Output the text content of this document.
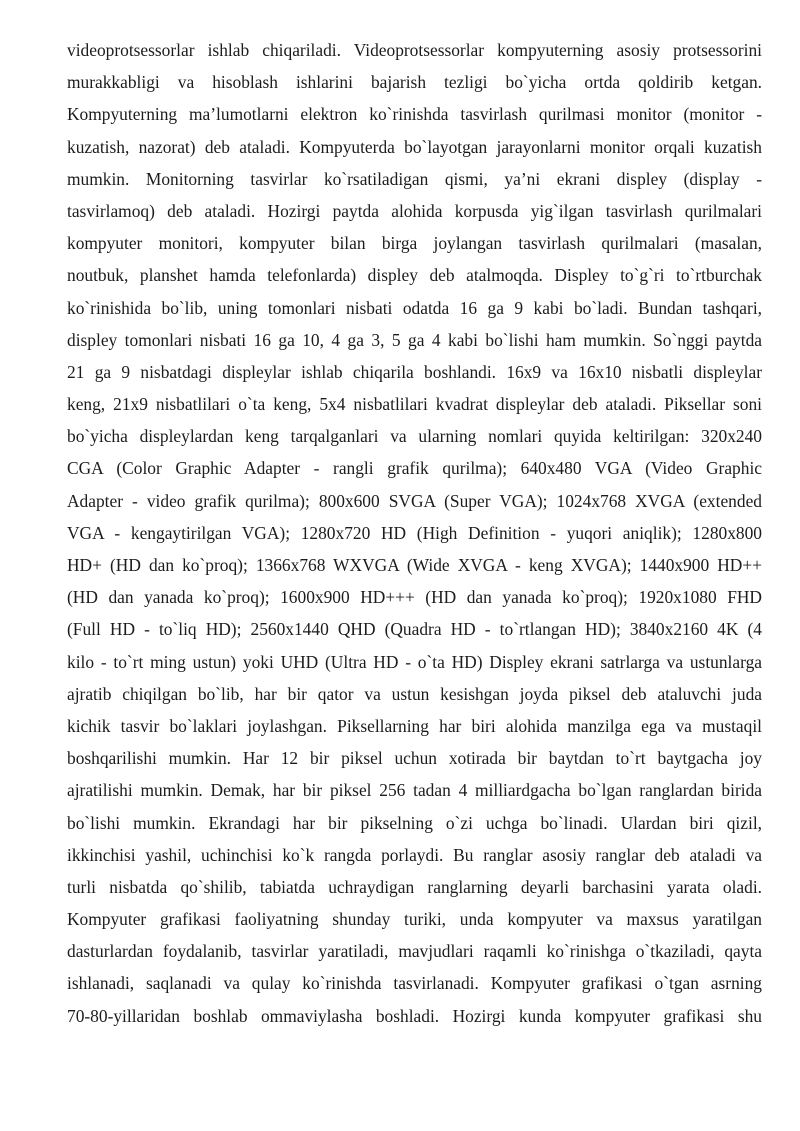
videoprotsessorlar ishlab chiqariladi. Videoprotsessorlar kompyuterning asosiy protsessorini
murakkabligi va hisoblash ishlarini bajarish tezligi bo`yicha ortda qoldirib ketgan.
Kompyuterning ma’lumotlarni elektron ko`rinishda tasvirlash qurilmasi monitor (monitor -
kuzatish, nazorat) deb ataladi. Kompyuterda bo`layotgan jarayonlarni monitor orqali kuzatish
mumkin. Monitorning tasvirlar ko`rsatiladigan qismi, ya’ni ekrani displey (display -
tasvirlamoq) deb ataladi. Hozirgi paytda alohida korpusda yig`ilgan tasvirlash qurilmalari
kompyuter monitori, kompyuter bilan birga joylangan tasvirlash qurilmalari (masalan,
noutbuk, planshet hamda telefonlarda) displey deb atalmoqda. Displey to`g`ri to`rtburchak
ko`rinishida bo`lib, uning tomonlari nisbati odatda 16 ga 9 kabi bo`ladi. Bundan tashqari,
displey tomonlari nisbati 16 ga 10, 4 ga 3, 5 ga 4 kabi bo`lishi ham mumkin. So`nggi paytda
21 ga 9 nisbatdagi displeylar ishlab chiqarila boshlandi. 16x9 va 16x10 nisbatli displeylar
keng, 21x9 nisbatlilari o`ta keng, 5x4 nisbatlilari kvadrat displeylar deb ataladi. Piksellar soni
bo`yicha displeylardan keng tarqalganlari va ularning nomlari quyida keltirilgan: 320x240
CGA (Color Graphic Adapter - rangli grafik qurilma); 640x480 VGA (Video Graphic
Adapter - video grafik qurilma); 800x600 SVGA (Super VGA); 1024x768 XVGA (extended
VGA - kengaytirilgan VGA); 1280x720 HD (High Definition - yuqori aniqlik); 1280x800
HD+ (HD dan ko`proq); 1366x768 WXVGA (Wide XVGA - keng XVGA); 1440x900 HD++
(HD dan yanada ko`proq); 1600x900 HD+++ (HD dan yanada ko`proq); 1920x1080 FHD
(Full HD - to`liq HD); 2560x1440 QHD (Quadra HD - to`rtlangan HD); 3840x2160 4K (4
kilo - to`rt ming ustun) yoki UHD (Ultra HD - o`ta HD) Displey ekrani satrlarga va ustunlarga
ajratib chiqilgan bo`lib, har bir qator va ustun kesishgan joyda piksel deb ataluvchi juda
kichik tasvir bo`laklari joylashgan. Piksellarning har biri alohida manzilga ega va mustaqil
boshqarilishi mumkin. Har 12 bir piksel uchun xotirada bir baytdan to`rt baytgacha joy
ajratilishi mumkin. Demak, har bir piksel 256 tadan 4 milliardgacha bo`lgan ranglardan birida
bo`lishi mumkin. Ekrandagi har bir pikselning o`zi uchga bo`linadi. Ulardan biri qizil,
ikkinchisi yashil, uchinchisi ko`k rangda porlaydi. Bu ranglar asosiy ranglar deb ataladi va
turli nisbatda qo`shilib, tabiatda uchraydigan ranglarning deyarli barchasini yarata oladi.
Kompyuter grafikasi faoliyatning shunday turiki, unda kompyuter va maxsus yaratilgan
dasturlardan foydalanib, tasvirlar yaratiladi, mavjudlari raqamli ko`rinishga o`tkaziladi, qayta
ishlanadi, saqlanadi va qulay ko`rinishda tasvirlanadi. Kompyuter grafikasi o`tgan asrning
70-80-yillaridan boshlab ommaviylasha boshladi. Hozirgi kunda kompyuter grafikasi shu
